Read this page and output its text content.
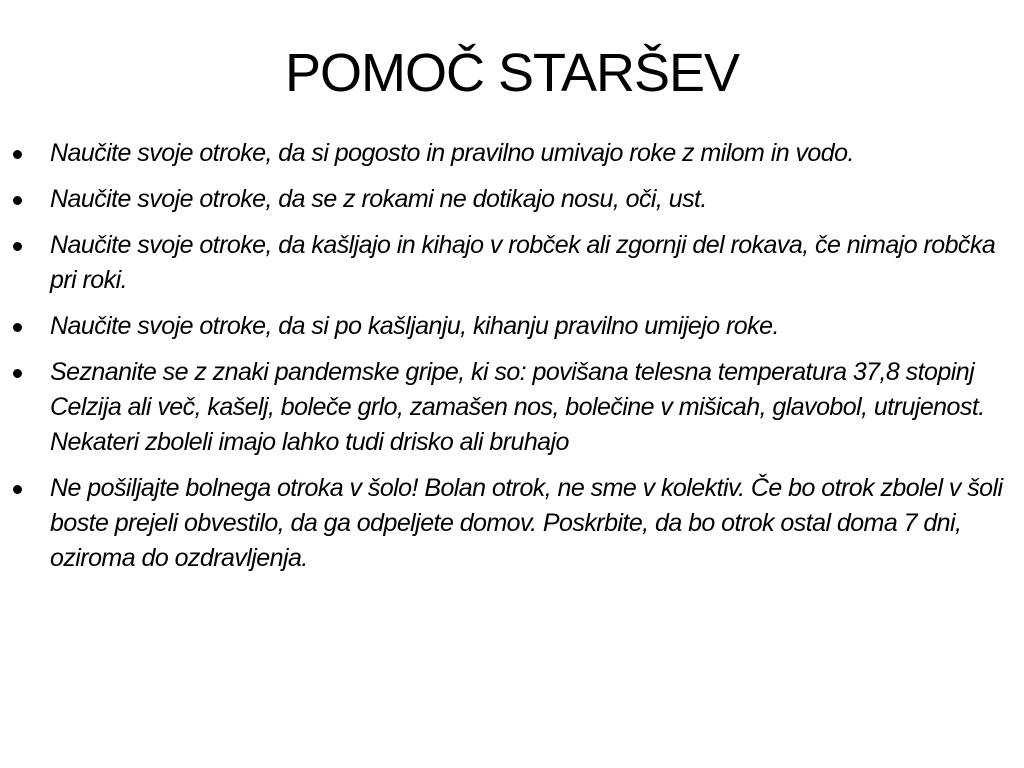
POMOČ STARŠEV
Naučite svoje otroke, da si pogosto in pravilno umivajo roke z milom in vodo.
Naučite svoje otroke, da se z rokami ne dotikajo nosu, oči, ust.
Naučite svoje otroke, da kašljajo in kihajo v robček ali zgornji del rokava, če nimajo robčka pri roki.
Naučite svoje otroke, da si po kašljanju, kihanju pravilno umijejo roke.
Seznanite se z znaki pandemske gripe, ki so: povišana telesna temperatura 37,8 stopinj Celzija ali več, kašelj, boleče grlo, zamašen nos, bolečine v mišicah, glavobol, utrujenost. Nekateri zboleli imajo lahko tudi drisko ali bruhajo
Ne pošiljajte bolnega otroka v šolo! Bolan otrok, ne sme v kolektiv. Če bo otrok zbolel v šoli boste prejeli obvestilo, da ga odpeljete domov. Poskrbite, da bo otrok ostal doma 7 dni, oziroma do ozdravljenja.
